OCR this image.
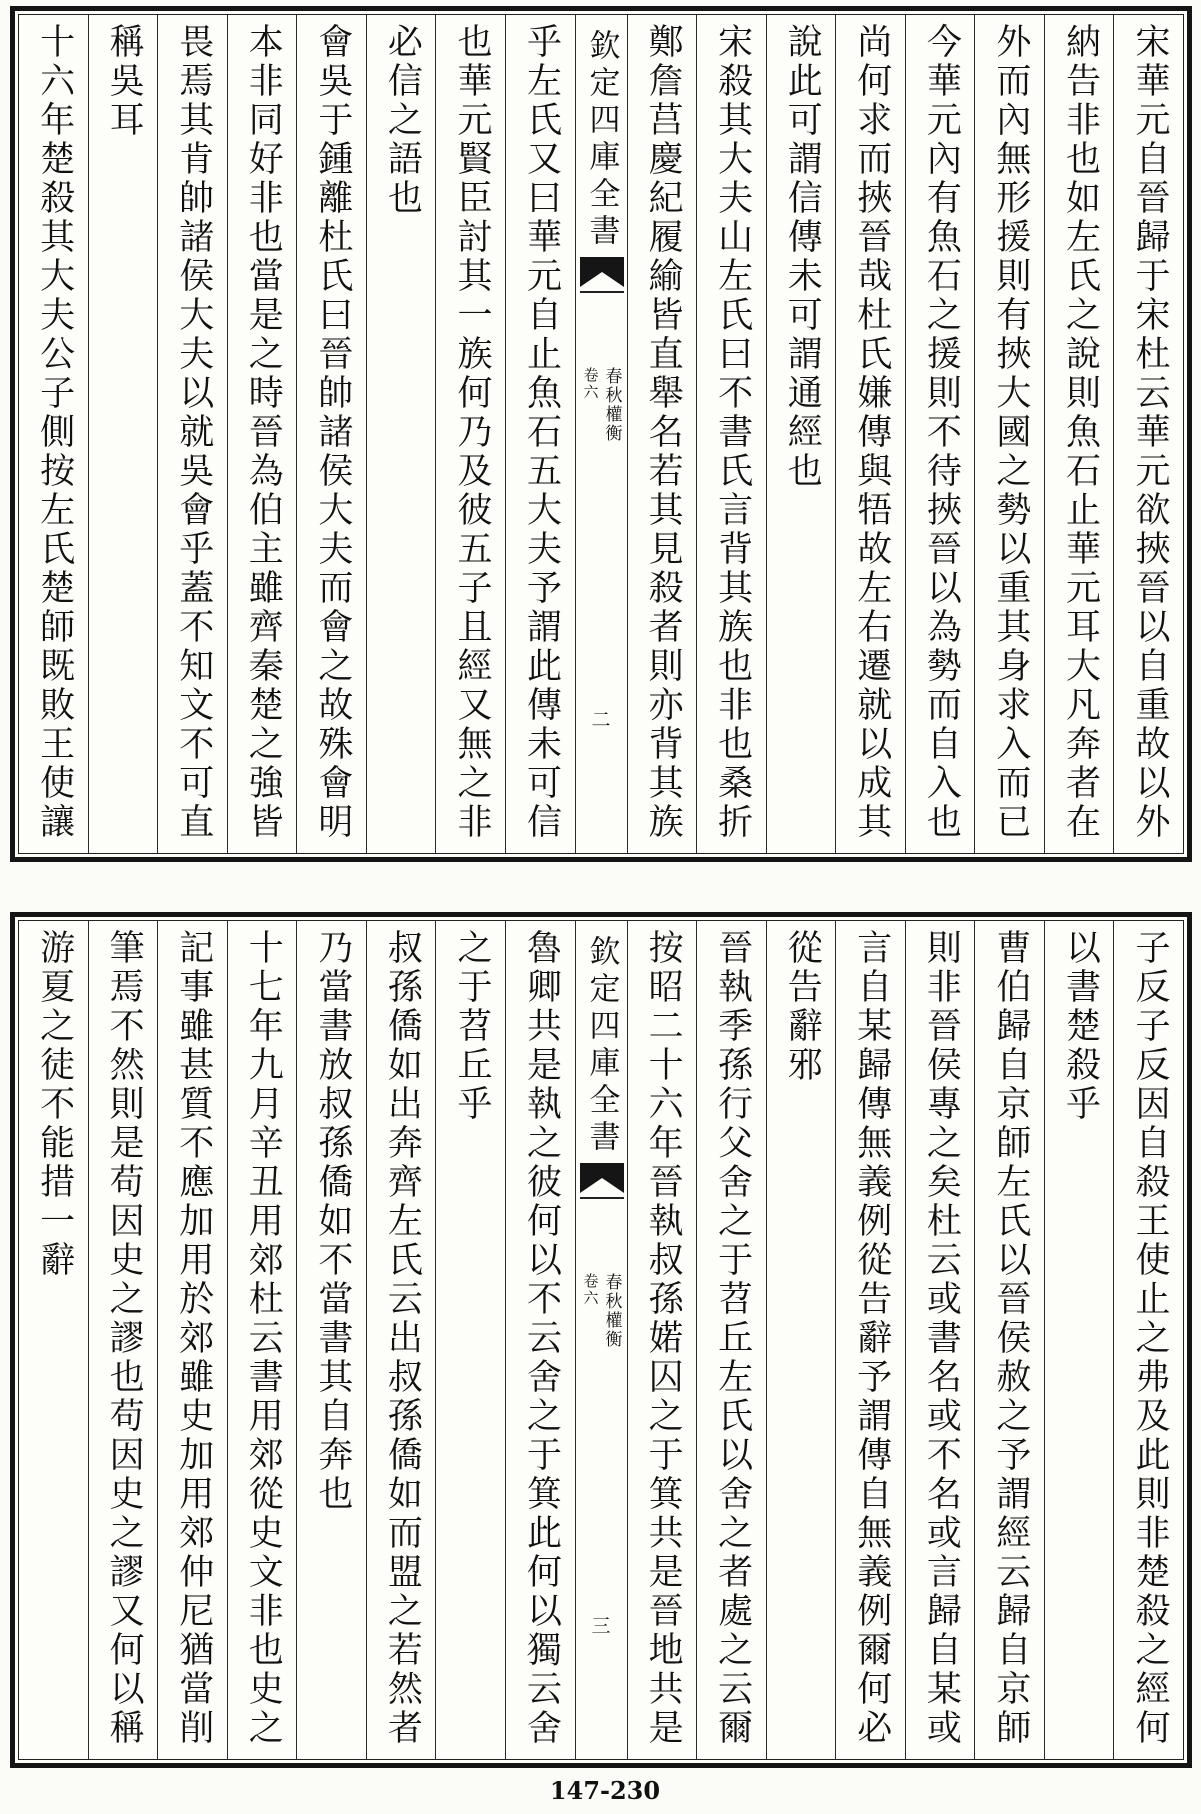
宋華元自晉歸于宋杜云華元欲挾晉以自重故以外
納告非也如左氏之說則魚石止華元耳大凡奔者在
外而內無形援則有挾大國之勢以重其身求入而已
今華元內有魚石之援則不待挾晉以為勢而自入也
尚何求而挾晉哉杜氏嫌傳與牾故左右遷就以成其
說此可謂信傳未可謂通經也
宋殺其大夫山左氏曰不書氏言背其族也非也桑折
鄭詹莒慶紀履緰皆直舉名若其見殺者則亦背其族
欽定四庫全書
春秋權衡
卷六
二
乎左氏又曰華元自止魚石五大夫予謂此傳未可信
也華元賢臣討其一族何乃及彼五子且經又無之非
必信之語也
會吳于鍾離杜氏曰晉帥諸侯大夫而會之故殊會明
本非同好非也當是之時晉為伯主雖齊秦楚之強皆
畏焉其肯帥諸侯大夫以就吳會乎蓋不知文不可直
稱吳耳
十六年楚殺其大夫公子側按左氏楚師既敗王使讓
子反子反因自殺王使止之弗及此則非楚殺之經何
以書楚殺乎
曹伯歸自京師左氏以晉侯赦之予謂經云歸自京師
則非晉侯專之矣杜云或書名或不名或言歸自某或
言自某歸傳無義例從告辭予謂傳自無義例爾何必
從告辭邪
晉執季孫行父舍之于苕丘左氏以舍之者處之云爾
按昭二十六年晉執叔孫婼囚之于箕共是晉地共是
欽定四庫全書
春秋權衡
卷六
三
魯卿共是執之彼何以不云舍之于箕此何以獨云舍
之于苕丘乎
叔孫僑如出奔齊左氏云出叔孫僑如而盟之若然者
乃當書放叔孫僑如不當書其自奔也
十七年九月辛丑用郊杜云書用郊從史文非也史之
記事雖甚質不應加用於郊雖史加用郊仲尼猶當削
筆焉不然則是苟因史之謬也苟因史之謬又何以稱
游夏之徒不能措一辭
147-230
